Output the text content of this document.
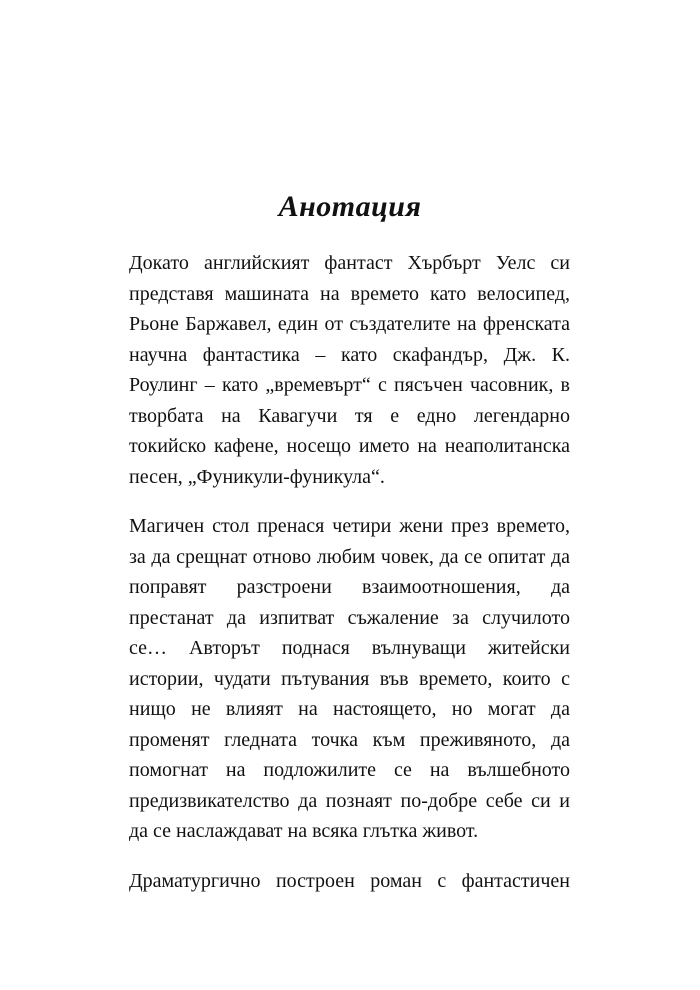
Анотация

Докато английският фантаст Хърбърт Уелс си представя машината на времето като велосипед, Рьоне Баржавел, един от създателите на френската научна фантастика – като скафандър, Дж. К. Роулинг – като „времевърт“ с пясъчен часовник, в творбата на Кавагучи тя е едно легендарно токийско кафене, носещо името на неаполитанска песен, „Фуникули-фуникула“.

Магичен стол пренася четири жени през времето, за да срещнат отново любим човек, да се опитат да поправят разстроени взаимоотношения, да престанат да изпитват съжаление за случилото се… Авторът поднася вълнуващи житейски истории, чудати пътувания във времето, които с нищо не влияят на настоящето, но могат да променят гледната точка към преживяното, да помогнат на подложилите се на вълшебното предизвикателство да познаят по-добре себе си и да се наслаждават на всяка глътка живот.

Драматургично построен роман с фантастичен
